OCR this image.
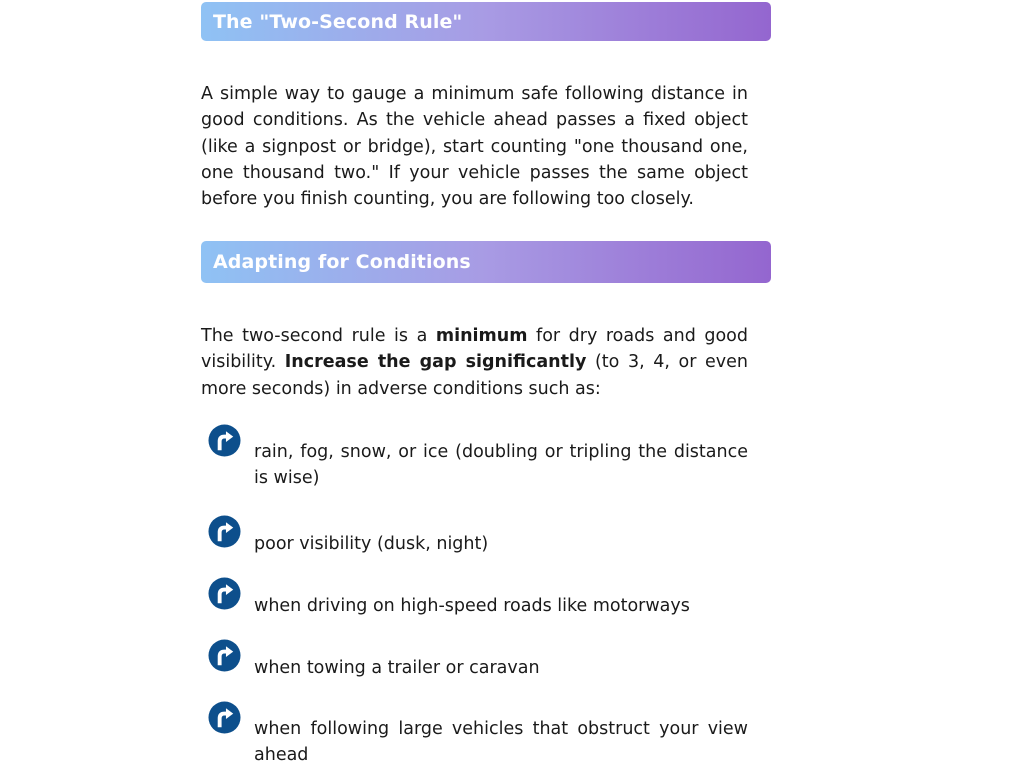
The "Two-Second Rule"

A simple way to gauge a minimum safe following distance in good conditions. As the vehicle ahead passes a fixed object (like a signpost or bridge), start counting "one thousand one, one thousand two." If your vehicle passes the same object before you finish counting, you are following too closely.

Adapting for Conditions

The two-second rule is a minimum for dry roads and good visibility. Increase the gap significantly (to 3, 4, or even more seconds) in adverse conditions such as:

rain, fog, snow, or ice (doubling or tripling the distance is wise)
poor visibility (dusk, night)
when driving on high-speed roads like motorways
when towing a trailer or caravan
when following large vehicles that obstruct your view ahead
